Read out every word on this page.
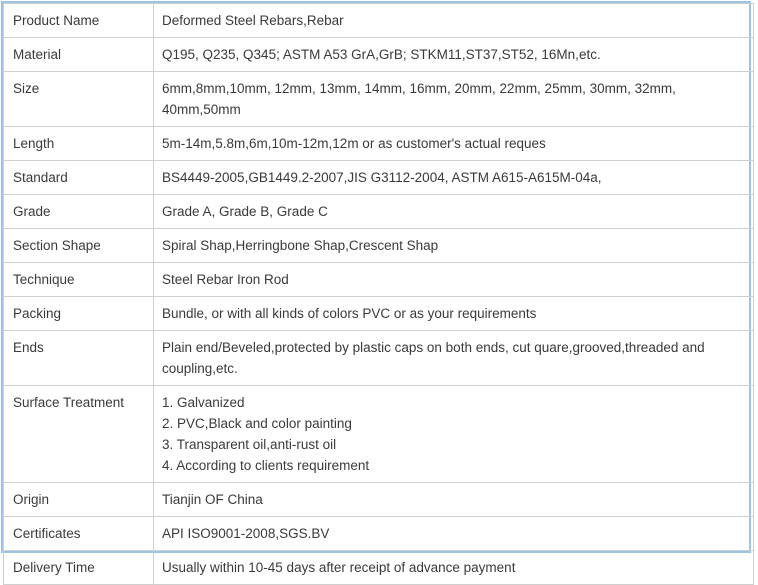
Product Name	Deformed Steel Rebars,Rebar

Material	Q195, Q235, Q345; ASTM A53 GrA,GrB; STKM11,ST37,ST52, 16Mn,etc.

Size	6mm,8mm,10mm, 12mm, 13mm, 14mm, 16mm, 20mm, 22mm, 25mm, 30mm, 32mm,
40mm,50mm

Length	5m-14m,5.8m,6m,10m-12m,12m or as customer's actual reques

Standard	BS4449-2005,GB1449.2-2007,JIS G3112-2004, ASTM A615-A615M-04a,

Grade	Grade A, Grade B, Grade C

Section Shape	Spiral Shap,Herringbone Shap,Crescent Shap

Technique	Steel Rebar Iron Rod

Packing	Bundle, or with all kinds of colors PVC or as your requirements

Ends	Plain end/Beveled,protected by plastic caps on both ends, cut quare,grooved,threaded and
coupling,etc.

Surface Treatment	1. Galvanized
2. PVC,Black and color painting
3. Transparent oil,anti-rust oil
4. According to clients requirement

Origin	Tianjin OF China

Certificates	API ISO9001-2008,SGS.BV

Delivery Time	Usually within 10-45 days after receipt of advance payment
